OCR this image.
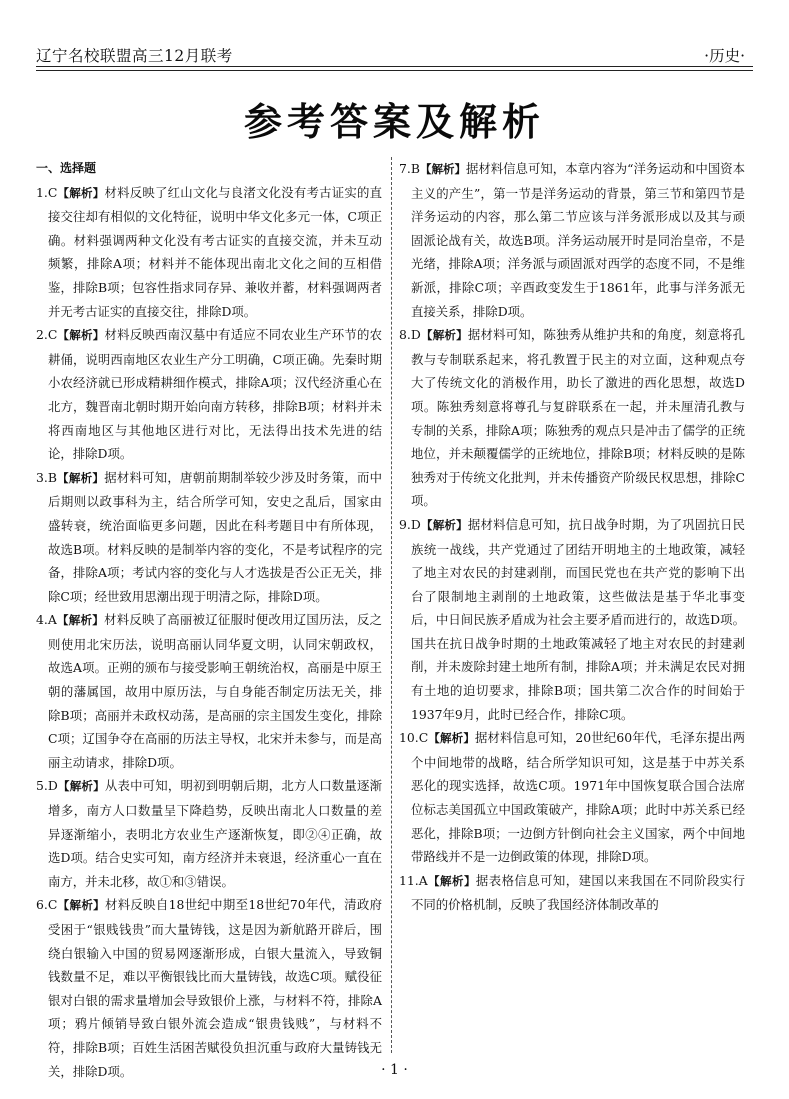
辽宁名校联盟高三12月联考	·历史·
参考答案及解析
一、选择题
1.C【解析】材料反映了红山文化与良渚文化没有考古证实的直接交往却有相似的文化特征，说明中华文化多元一体，C项正确。材料强调两种文化没有考古证实的直接交流，并未互动频繁，排除A项；材料并不能体现出南北文化之间的互相借鉴，排除B项；包容性指求同存异、兼收并蓄，材料强调两者并无考古证实的直接交往，排除D项。
2.C【解析】材料反映西南汉墓中有适应不同农业生产环节的农耕俑，说明西南地区农业生产分工明确，C项正确。先秦时期小农经济就已形成精耕细作模式，排除A项；汉代经济重心在北方，魏晋南北朝时期开始向南方转移，排除B项；材料并未将西南地区与其他地区进行对比，无法得出技术先进的结论，排除D项。
3.B【解析】据材料可知，唐朝前期制举较少涉及时务策，而中后期则以政事科为主，结合所学可知，安史之乱后，国家由盛转衰，统治面临更多问题，因此在科考题目中有所体现，故选B项。材料反映的是制举内容的变化，不是考试程序的完备，排除A项；考试内容的变化与人才选拔是否公正无关，排除C项；经世致用思潮出现于明清之际，排除D项。
4.A【解析】材料反映了高丽被辽征服时便改用辽国历法，反之则使用北宋历法，说明高丽认同华夏文明，认同宋朝政权，故选A项。正朔的颁布与接受影响王朝统治权，高丽是中原王朝的藩属国，故用中原历法，与自身能否制定历法无关，排除B项；高丽并未政权动荡，是高丽的宗主国发生变化，排除C项；辽国争夺在高丽的历法主导权，北宋并未参与，而是高丽主动请求，排除D项。
5.D【解析】从表中可知，明初到明朝后期，北方人口数量逐渐增多，南方人口数量呈下降趋势，反映出南北人口数量的差异逐渐缩小，表明北方农业生产逐渐恢复，即②④正确，故选D项。结合史实可知，南方经济并未衰退，经济重心一直在南方，并未北移，故①和③错误。
6.C【解析】材料反映自18世纪中期至18世纪70年代，清政府受困于“银贱钱贵”而大量铸钱，这是因为新航路开辟后，围绕白银输入中国的贸易网逐渐形成，白银大量流入，导致铜钱数量不足，难以平衡银钱比而大量铸钱，故选C项。赋役征银对白银的需求量增加会导致银价上涨，与材料不符，排除A项；鸦片倾销导致白银外流会造成“银贵钱贱”，与材料不符，排除B项；百姓生活困苦赋役负担沉重与政府大量铸钱无关，排除D项。
7.B【解析】据材料信息可知，本章内容为“洋务运动和中国资本主义的产生”，第一节是洋务运动的背景，第三节和第四节是洋务运动的内容，那么第二节应该与洋务派形成以及其与顽固派论战有关，故选B项。洋务运动展开时是同治皇帝，不是光绪，排除A项；洋务派与顽固派对西学的态度不同，不是维新派，排除C项；辛酉政变发生于1861年，此事与洋务派无直接关系，排除D项。
8.D【解析】据材料可知，陈独秀从维护共和的角度，刻意将孔教与专制联系起来，将孔教置于民主的对立面，这种观点夸大了传统文化的消极作用，助长了激进的西化思想，故选D项。陈独秀刻意将尊孔与复辟联系在一起，并未厘清孔教与专制的关系，排除A项；陈独秀的观点只是冲击了儒学的正统地位，并未颠覆儒学的正统地位，排除B项；材料反映的是陈独秀对于传统文化批判，并未传播资产阶级民权思想，排除C项。
9.D【解析】据材料信息可知，抗日战争时期，为了巩固抗日民族统一战线，共产党通过了团结开明地主的土地政策，减轻了地主对农民的封建剥削，而国民党也在共产党的影响下出台了限制地主剥削的土地政策，这些做法是基于华北事变后，中日间民族矛盾成为社会主要矛盾而进行的，故选D项。国共在抗日战争时期的土地政策减轻了地主对农民的封建剥削，并未废除封建土地所有制，排除A项；并未满足农民对拥有土地的迫切要求，排除B项；国共第二次合作的时间始于1937年9月，此时已经合作，排除C项。
10.C【解析】据材料信息可知，20世纪60年代，毛泽东提出两个中间地带的战略，结合所学知识可知，这是基于中苏关系恶化的现实选择，故选C项。1971年中国恢复联合国合法席位标志美国孤立中国政策破产，排除A项；此时中苏关系已经恶化，排除B项；一边倒方针倒向社会主义国家，两个中间地带路线并不是一边倒政策的体现，排除D项。
11.A【解析】据表格信息可知，建国以来我国在不同阶段实行不同的价格机制，反映了我国经济体制改革的
· 1 ·
